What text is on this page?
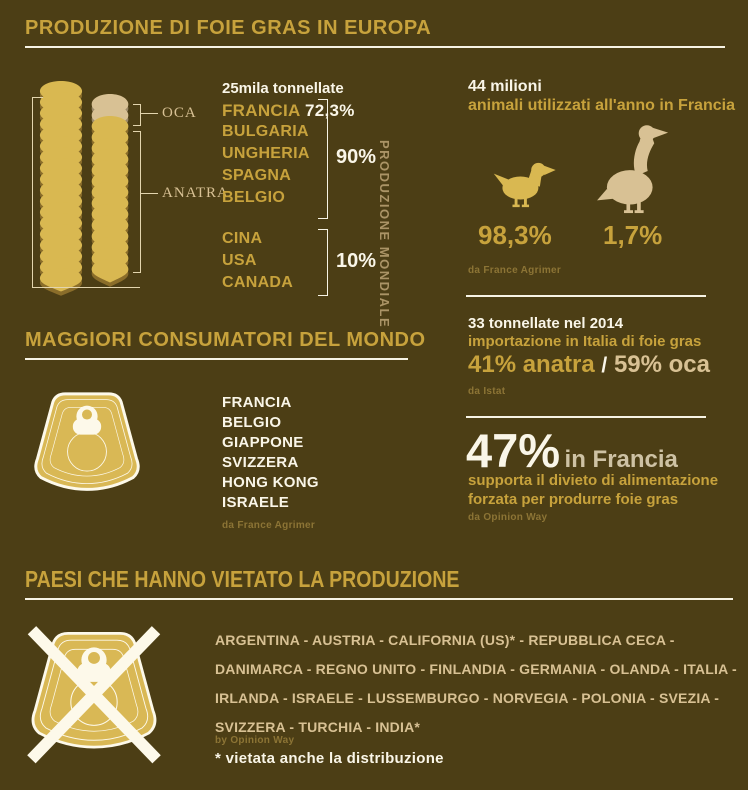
PRODUZIONE DI FOIE GRAS IN EUROPA
OCA
ANATRA
25mila tonnellate
FRANCIA 72,3%
BULGARIA
UNGHERIA
SPAGNA
BELGIO
90%
CINA
USA
CANADA
10% PRODUZIONE MONDIALE
44 milioni
animali utilizzati all'anno in Francia
98,3% 1,7%
da France Agrimer
MAGGIORI CONSUMATORI DEL MONDO
FRANCIA
BELGIO
GIAPPONE
SVIZZERA
HONG KONG
ISRAELE
da France Agrimer
33 tonnellate nel 2014
importazione in Italia di foie gras
41% anatra / 59% oca
da Istat
47% in Francia
supporta il divieto di alimentazione
forzata per produrre foie gras
da Opinion Way
PAESI CHE HANNO VIETATO LA PRODUZIONE
ARGENTINA - AUSTRIA - CALIFORNIA (US)* - REPUBBLICA CECA - DANIMARCA - REGNO UNITO - FINLANDIA - GERMANIA - OLANDA - ITALIA - IRLANDA - ISRAELE - LUSSEMBURGO - NORVEGIA - POLONIA - SVEZIA - SVIZZERA - TURCHIA - INDIA*
by Opinion Way
* vietata anche la distribuzione
